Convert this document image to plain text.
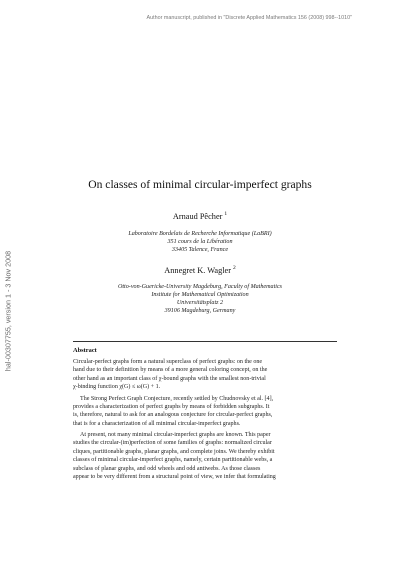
Author manuscript, published in "Discrete Applied Mathematics 156 (2008) 998--1010"
hal-00307755, version 1 - 3 Nov 2008
On classes of minimal circular-imperfect graphs
Arnaud Pêcher $^1$
Laboratoire Bordelais de Recherche Informatique (LaBRI)
351 cours de la Libération
33405 Talence, France
Annegret K. Wagler $^2$
Otto-von-Guericke-University Magdeburg, Faculty of Mathematics
Institute for Mathematical Optimization
Universitätsplatz 2
39106 Magdeburg, Germany
Abstract

Circular-perfect graphs form a natural superclass of perfect graphs: on the one
hand due to their definition by means of a more general coloring concept, on the
other hand as an important class of χ-bound graphs with the smallest non-trivial
χ-binding function χ(G) ≤ ω(G) + 1.

The Strong Perfect Graph Conjecture, recently settled by Chudnovsky et al. [4],
provides a characterization of perfect graphs by means of forbidden subgraphs. It
is, therefore, natural to ask for an analogous conjecture for circular-perfect graphs,
that is for a characterization of all minimal circular-imperfect graphs.

At present, not many minimal circular-imperfect graphs are known. This paper
studies the circular-(im)perfection of some families of graphs: normalized circular
cliques, partitionable graphs, planar graphs, and complete joins. We thereby exhibit
classes of minimal circular-imperfect graphs, namely, certain partitionable webs, a
subclass of planar graphs, and odd wheels and odd antiwebs. As those classes
appear to be very different from a structural point of view, we infer that formulating
